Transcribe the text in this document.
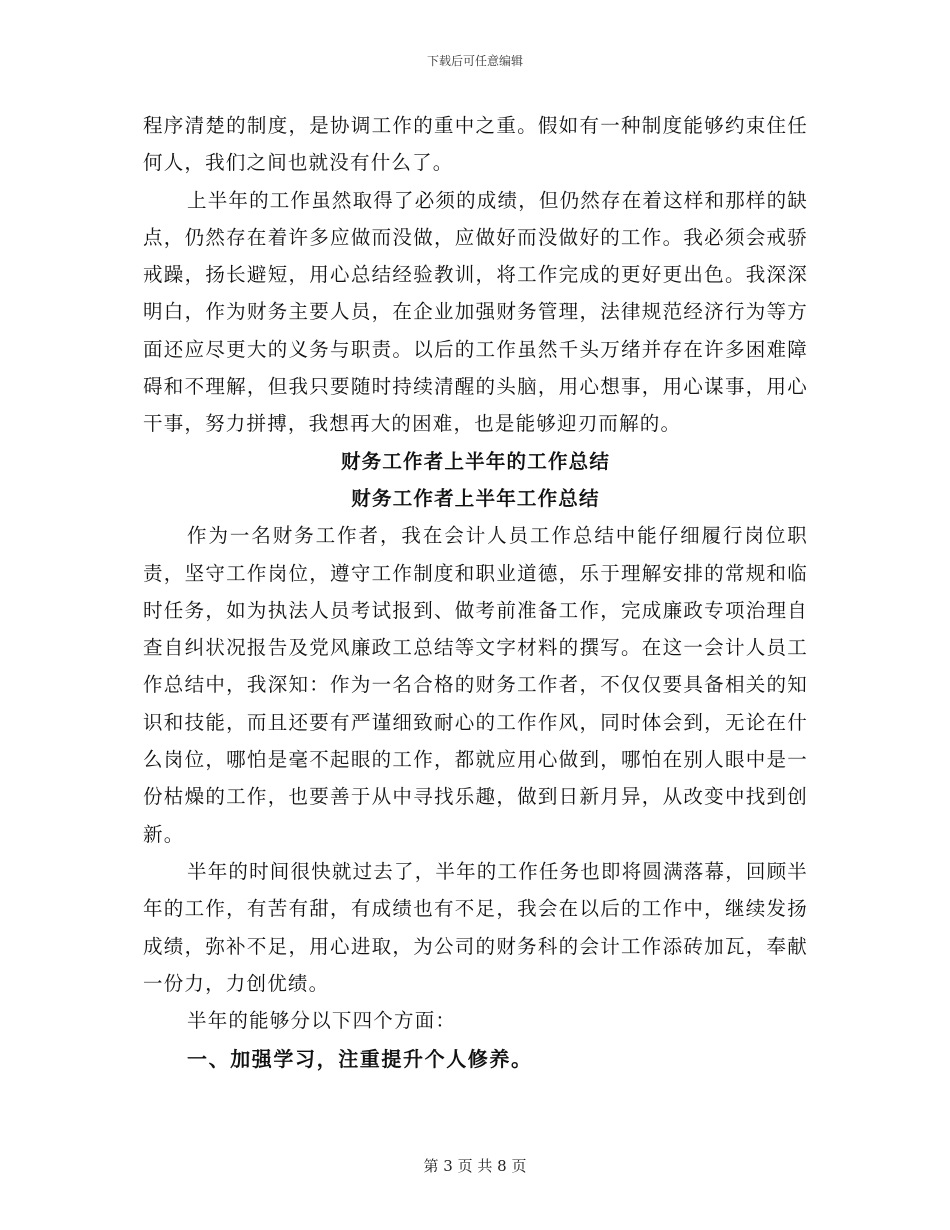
下载后可任意编辑

程序清楚的制度，是协调工作的重中之重。假如有一种制度能够约束住任何人，我们之间也就没有什么了。

上半年的工作虽然取得了必须的成绩，但仍然存在着这样和那样的缺点，仍然存在着许多应做而没做，应做好而没做好的工作。我必须会戒骄戒躁，扬长避短，用心总结经验教训，将工作完成的更好更出色。我深深明白，作为财务主要人员，在企业加强财务管理，法律规范经济行为等方面还应尽更大的义务与职责。以后的工作虽然千头万绪并存在许多困难障碍和不理解，但我只要随时持续清醒的头脑，用心想事，用心谋事，用心干事，努力拼搏，我想再大的困难，也是能够迎刃而解的。

财务工作者上半年的工作总结

财务工作者上半年工作总结

作为一名财务工作者，我在会计人员工作总结中能仔细履行岗位职责，坚守工作岗位，遵守工作制度和职业道德，乐于理解安排的常规和临时任务，如为执法人员考试报到、做考前准备工作，完成廉政专项治理自查自纠状况报告及党风廉政工总结等文字材料的撰写。在这一会计人员工作总结中，我深知：作为一名合格的财务工作者，不仅仅要具备相关的知识和技能，而且还要有严谨细致耐心的工作作风，同时体会到，无论在什么岗位，哪怕是毫不起眼的工作，都就应用心做到，哪怕在别人眼中是一份枯燥的工作，也要善于从中寻找乐趣，做到日新月异，从改变中找到创新。

半年的时间很快就过去了，半年的工作任务也即将圆满落幕，回顾半年的工作，有苦有甜，有成绩也有不足，我会在以后的工作中，继续发扬成绩，弥补不足，用心进取，为公司的财务科的会计工作添砖加瓦，奉献一份力，力创优绩。

半年的能够分以下四个方面：

一、加强学习，注重提升个人修养。

第 3 页 共 8 页
